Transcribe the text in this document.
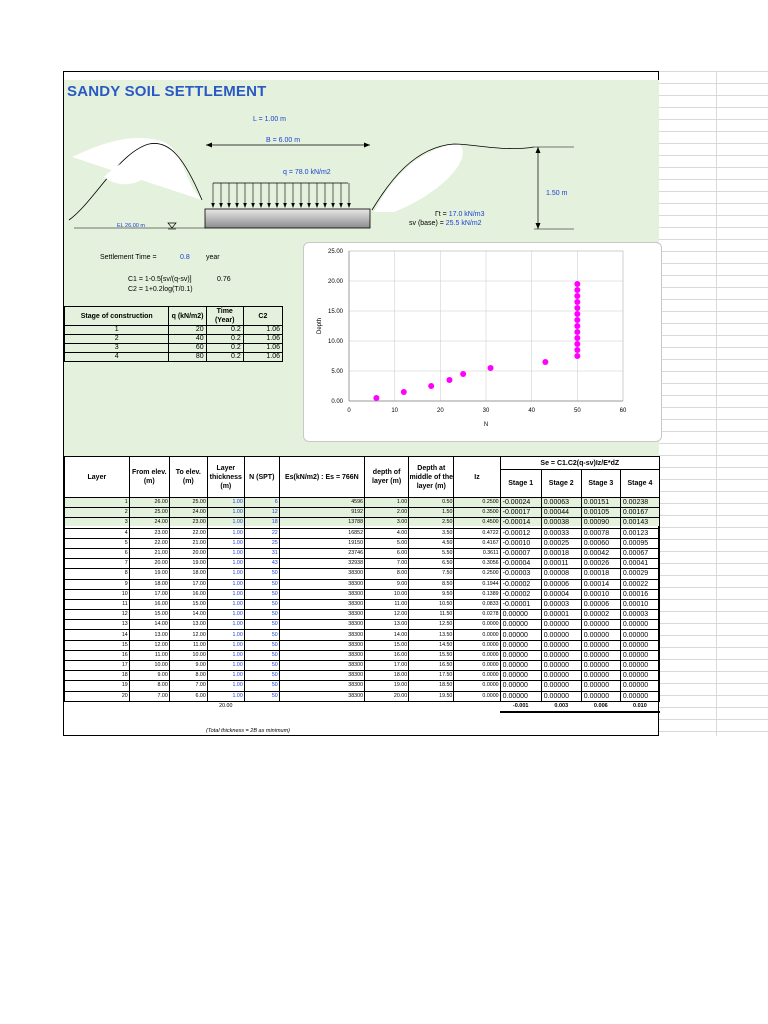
SANDY SOIL SETTLEMENT
L = 1.00 m
B = 6.00 m
q = 78.0 kN/m2
1.50 m
EL 26.00 m
Гt = 17.0 kN/m3
sv (base) = 25.5 kN/m2
Settlement Time =	0.8 year
C1 = 1-0.5[sv/(q-sv)]	0.76
C2 = 1+0.2log(T/0.1)
Stage of construction	q (kN/m2)	Time (Year)	C2
1	20	0.2	1.06
2	40	0.2	1.06
3	60	0.2	1.06
4	80	0.2	1.06
0	10	20	30	40	50	60
0.00
5.00
10.00
15.00
20.00
25.00
N
Depth
Layer	From elev. (m)	To elev. (m)	Layer thickness (m)	N (SPT)	Es(kN/m2) : Es = 766N	depth of layer (m)	Depth at middle of the layer (m)	Iz	Se = C1.C2(q-sv)Iz/E*dZ			
									Stage 1	Stage 2	Stage 3	Stage 4
1	26.00	25.00	1.00	6	4596	1.00	0.50	0.2500	-0.00024	0.00063	0.00151	0.00238
2	25.00	24.00	1.00	12	9192	2.00	1.50	0.3500	-0.00017	0.00044	0.00105	0.00167
3	24.00	23.00	1.00	18	13788	3.00	2.50	0.4500	-0.00014	0.00038	0.00090	0.00143
4	23.00	22.00	1.00	22	16852	4.00	3.50	0.4722	-0.00012	0.00033	0.00078	0.00123
5	22.00	21.00	1.00	25	19150	5.00	4.50	0.4167	-0.00010	0.00025	0.00060	0.00095
6	21.00	20.00	1.00	31	23746	6.00	5.50	0.3611	-0.00007	0.00018	0.00042	0.00067
7	20.00	19.00	1.00	43	32938	7.00	6.50	0.3056	-0.00004	0.00011	0.00026	0.00041
8	19.00	18.00	1.00	50	38300	8.00	7.50	0.2500	-0.00003	0.00008	0.00018	0.00029
9	18.00	17.00	1.00	50	38300	9.00	8.50	0.1944	-0.00002	0.00006	0.00014	0.00022
10	17.00	16.00	1.00	50	38300	10.00	9.50	0.1389	-0.00002	0.00004	0.00010	0.00016
11	16.00	15.00	1.00	50	38300	11.00	10.50	0.0833	-0.00001	0.00003	0.00006	0.00010
12	15.00	14.00	1.00	50	38300	12.00	11.50	0.0278	0.00000	0.00001	0.00002	0.00003
13	14.00	13.00	1.00	50	38300	13.00	12.50	0.0000	0.00000	0.00000	0.00000	0.00000
14	13.00	12.00	1.00	50	38300	14.00	13.50	0.0000	0.00000	0.00000	0.00000	0.00000
15	12.00	11.00	1.00	50	38300	15.00	14.50	0.0000	0.00000	0.00000	0.00000	0.00000
16	11.00	10.00	1.00	50	38300	16.00	15.50	0.0000	0.00000	0.00000	0.00000	0.00000
17	10.00	9.00	1.00	50	38300	17.00	16.50	0.0000	0.00000	0.00000	0.00000	0.00000
18	9.00	8.00	1.00	50	38300	18.00	17.50	0.0000	0.00000	0.00000	0.00000	0.00000
19	8.00	7.00	1.00	50	38300	19.00	18.50	0.0000	0.00000	0.00000	0.00000	0.00000
20	7.00	6.00	1.00	50	38300	20.00	19.50	0.0000	0.00000	0.00000	0.00000	0.00000
			20.00						-0.001	0.003	0.006	0.010
(Total thickness = 2B as minimum)
